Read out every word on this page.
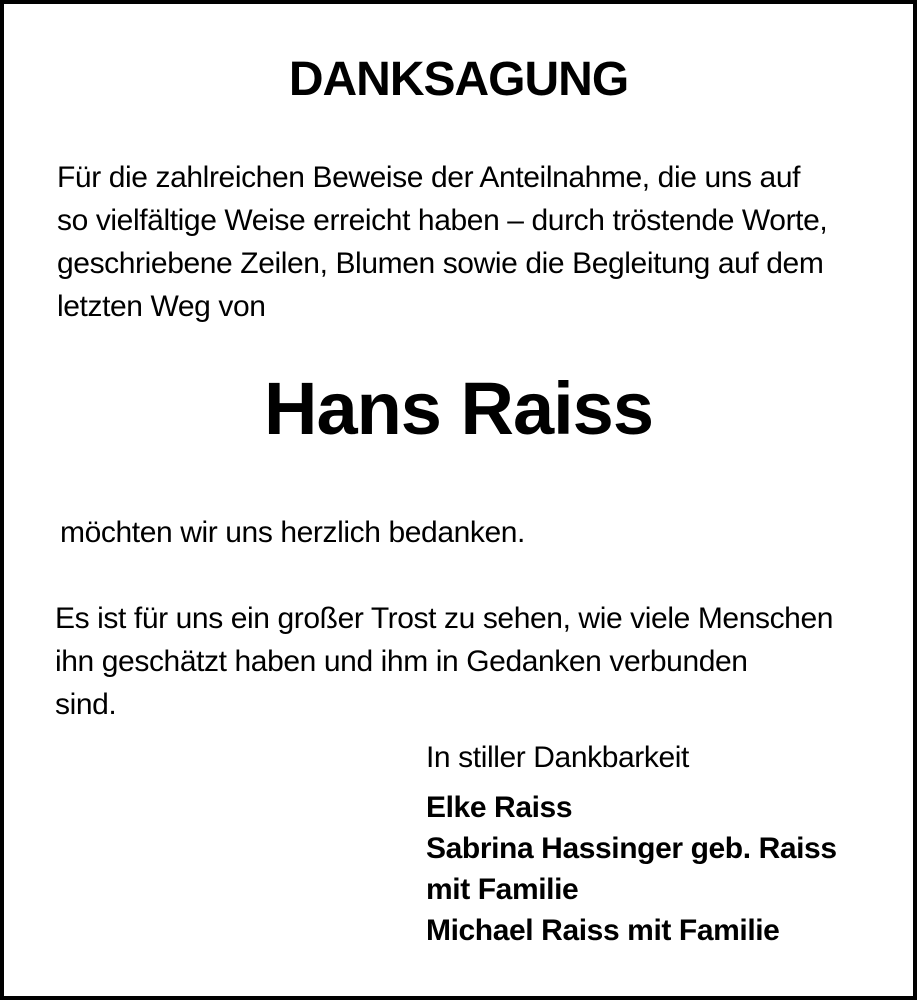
DANKSAGUNG
Für die zahlreichen Beweise der Anteilnahme, die uns auf
so vielfältige Weise erreicht haben – durch tröstende Worte,
geschriebene Zeilen, Blumen sowie die Begleitung auf dem
letzten Weg von
Hans Raiss
möchten wir uns herzlich bedanken.
Es ist für uns ein großer Trost zu sehen, wie viele Menschen
ihn geschätzt haben und ihm in Gedanken verbunden
sind.
In stiller Dankbarkeit
Elke Raiss
Sabrina Hassinger geb. Raiss
mit Familie
Michael Raiss mit Familie
